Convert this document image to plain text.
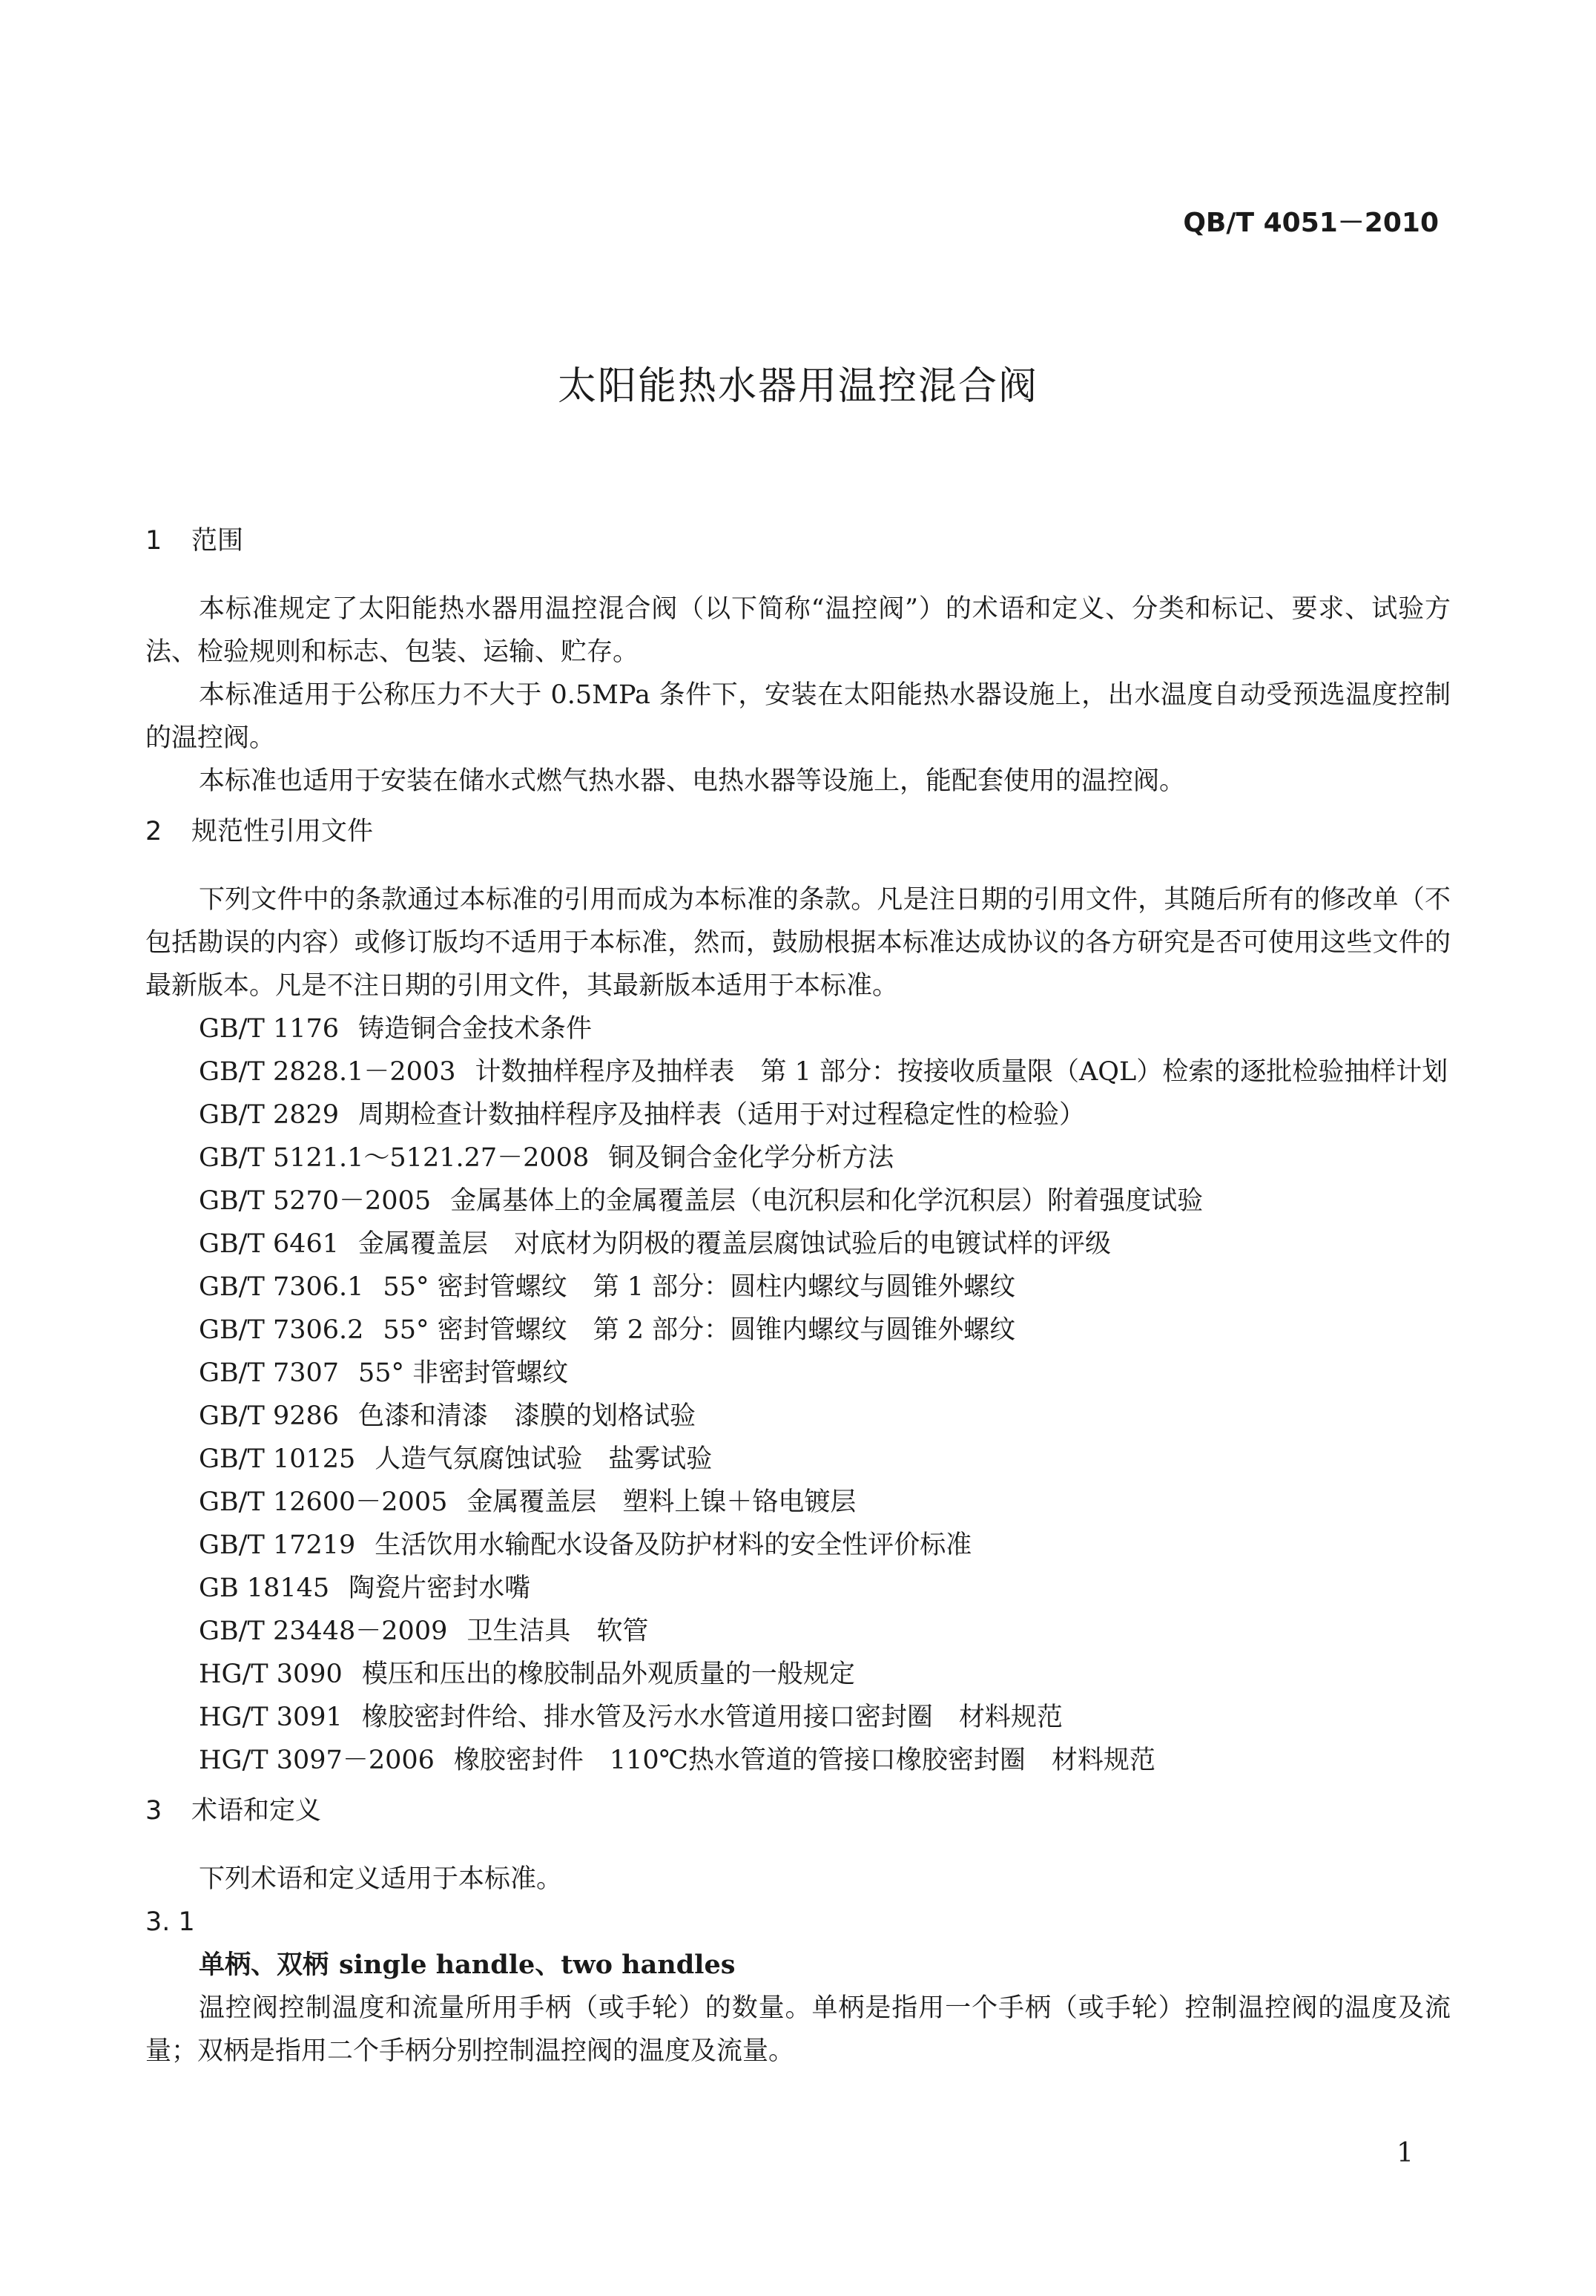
QB/T 4051－2010
太阳能热水器用温控混合阀

1 范围

本标准规定了太阳能热水器用温控混合阀（以下简称“温控阀”）的术语和定义、分类和标记、要求、试验方法、检验规则和标志、包装、运输、贮存。

本标准适用于公称压力不大于 0.5MPa 条件下，安装在太阳能热水器设施上，出水温度自动受预选温度控制的温控阀。

本标准也适用于安装在储水式燃气热水器、电热水器等设施上，能配套使用的温控阀。

2 规范性引用文件

下列文件中的条款通过本标准的引用而成为本标准的条款。凡是注日期的引用文件，其随后所有的修改单（不包括勘误的内容）或修订版均不适用于本标准，然而，鼓励根据本标准达成协议的各方研究是否可使用这些文件的最新版本。凡是不注日期的引用文件，其最新版本适用于本标准。

GB/T 1176 铸造铜合金技术条件

GB/T 2828.1－2003 计数抽样程序及抽样表　第 1 部分：按接收质量限（AQL）检索的逐批检验抽样计划

GB/T 2829 周期检查计数抽样程序及抽样表（适用于对过程稳定性的检验）

GB/T 5121.1～5121.27－2008 铜及铜合金化学分析方法

GB/T 5270－2005 金属基体上的金属覆盖层（电沉积层和化学沉积层）附着强度试验

GB/T 6461 金属覆盖层　对底材为阴极的覆盖层腐蚀试验后的电镀试样的评级

GB/T 7306.1 55° 密封管螺纹　第 1 部分：圆柱内螺纹与圆锥外螺纹

GB/T 7306.2 55° 密封管螺纹　第 2 部分：圆锥内螺纹与圆锥外螺纹

GB/T 7307 55° 非密封管螺纹

GB/T 9286 色漆和清漆　漆膜的划格试验

GB/T 10125 人造气氛腐蚀试验　盐雾试验

GB/T 12600－2005 金属覆盖层　塑料上镍＋铬电镀层

GB/T 17219 生活饮用水输配水设备及防护材料的安全性评价标准

GB 18145 陶瓷片密封水嘴

GB/T 23448－2009 卫生洁具　软管

HG/T 3090 模压和压出的橡胶制品外观质量的一般规定

HG/T 3091 橡胶密封件给、排水管及污水水管道用接口密封圈　材料规范

HG/T 3097－2006 橡胶密封件　110℃热水管道的管接口橡胶密封圈　材料规范

3 术语和定义

下列术语和定义适用于本标准。

3. 1

单柄、双柄 single handle、two handles

温控阀控制温度和流量所用手柄（或手轮）的数量。单柄是指用一个手柄（或手轮）控制温控阀的温度及流量；双柄是指用二个手柄分别控制温控阀的温度及流量。

1
